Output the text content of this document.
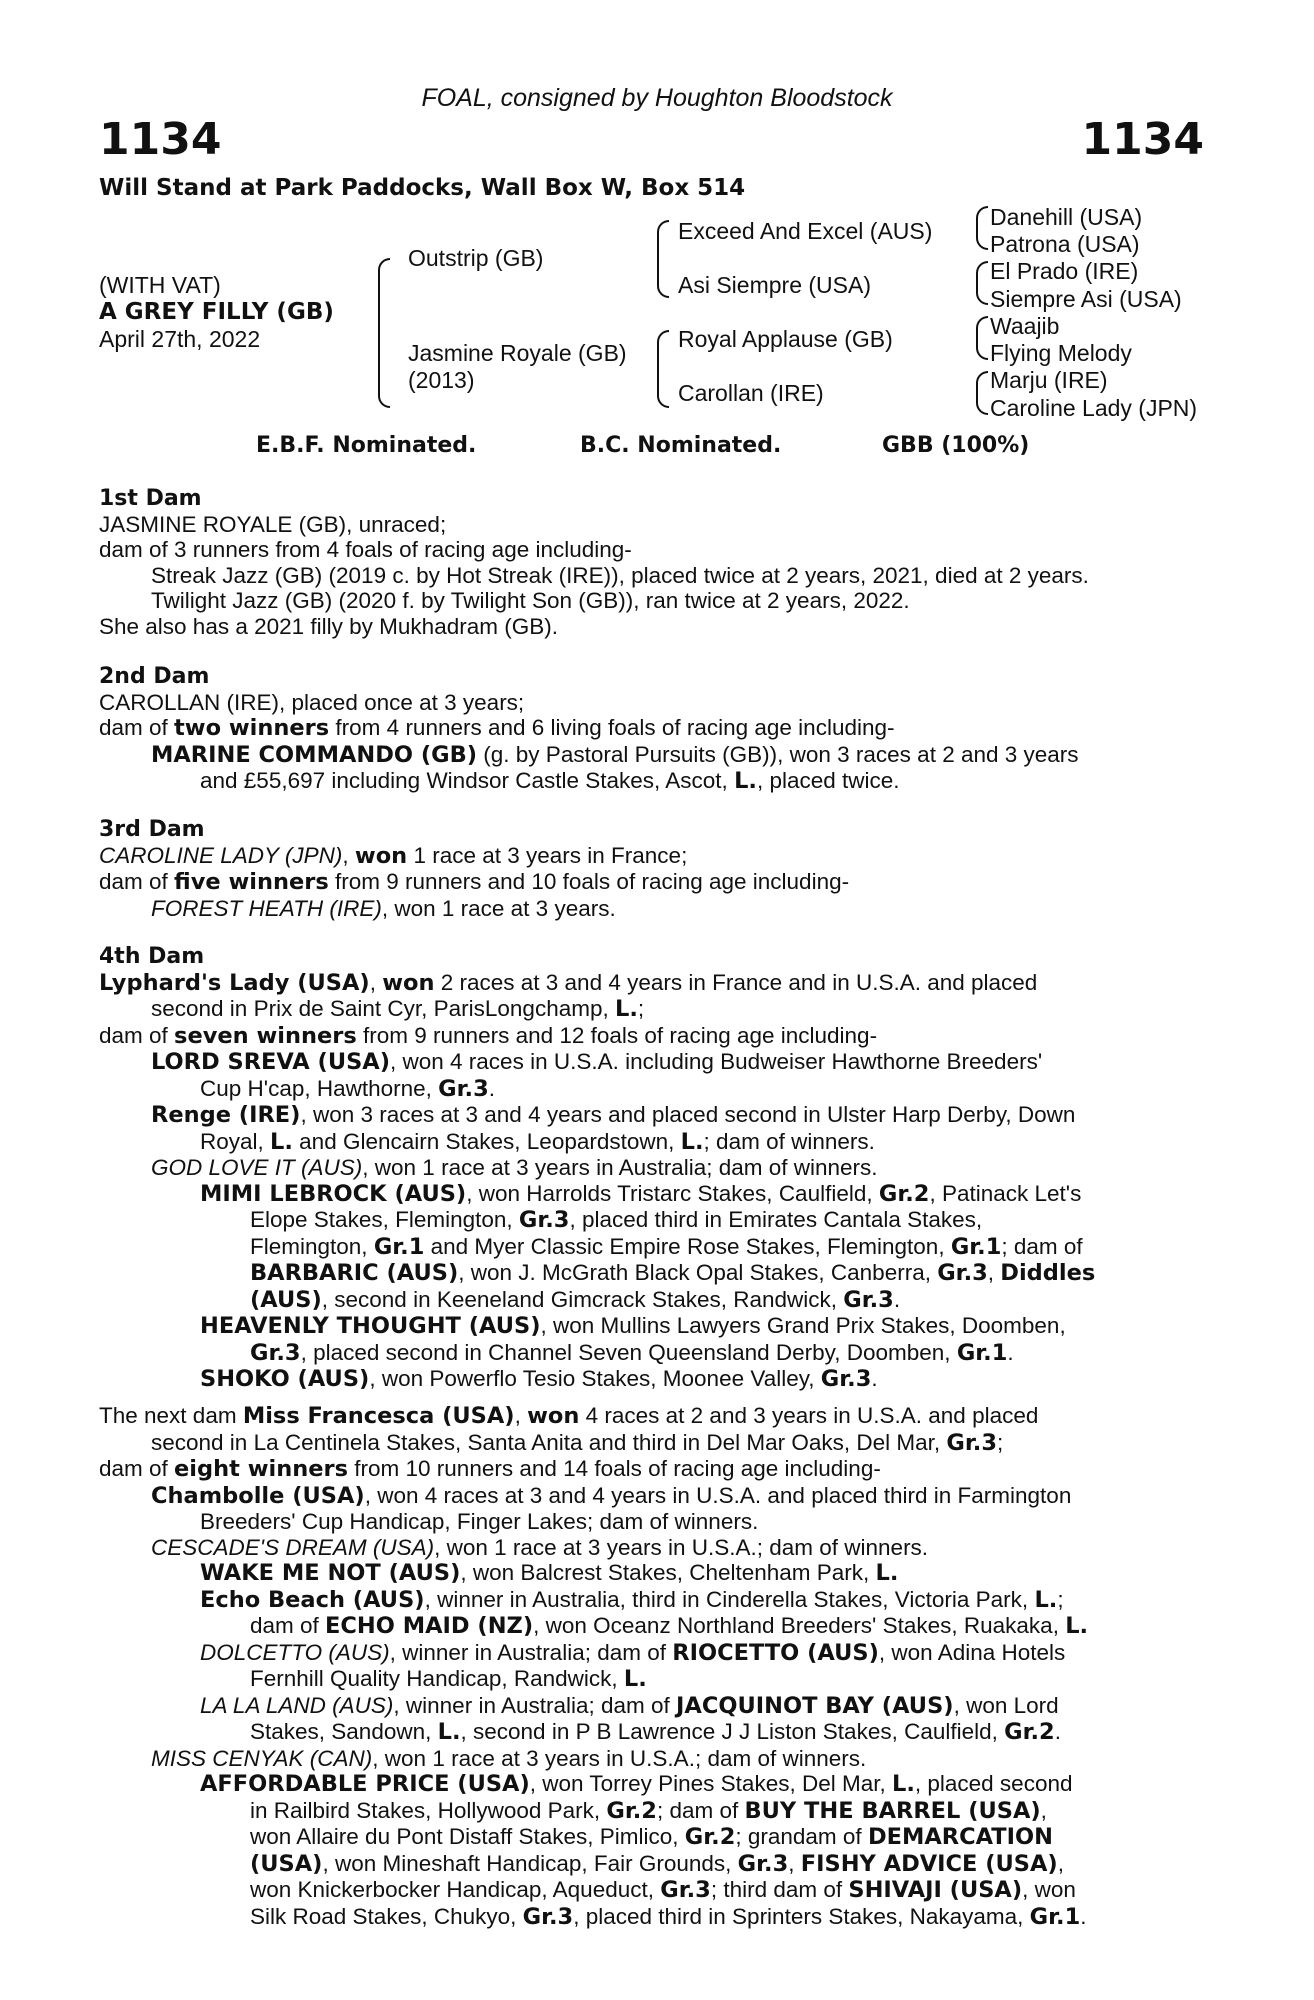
FOAL, consigned by Houghton Bloodstock
1134	1134
Will Stand at Park Paddocks, Wall Box W, Box 514
(WITH VAT)
A GREY FILLY (GB)
April 27th, 2022
Outstrip (GB)
Jasmine Royale (GB)
(2013)
Exceed And Excel (AUS)
Asi Siempre (USA)
Royal Applause (GB)
Carollan (IRE)
Danehill (USA)
Patrona (USA)
El Prado (IRE)
Siempre Asi (USA)
Waajib
Flying Melody
Marju (IRE)
Caroline Lady (JPN)
E.B.F. Nominated.	B.C. Nominated.	GBB (100%)
1st Dam
JASMINE ROYALE (GB), unraced;
dam of 3 runners from 4 foals of racing age including-
Streak Jazz (GB) (2019 c. by Hot Streak (IRE)), placed twice at 2 years, 2021, died at 2 years.
Twilight Jazz (GB) (2020 f. by Twilight Son (GB)), ran twice at 2 years, 2022.
She also has a 2021 filly by Mukhadram (GB).
2nd Dam
CAROLLAN (IRE), placed once at 3 years;
dam of two winners from 4 runners and 6 living foals of racing age including-
MARINE COMMANDO (GB) (g. by Pastoral Pursuits (GB)), won 3 races at 2 and 3 years
and £55,697 including Windsor Castle Stakes, Ascot, L., placed twice.
3rd Dam
CAROLINE LADY (JPN), won 1 race at 3 years in France;
dam of five winners from 9 runners and 10 foals of racing age including-
FOREST HEATH (IRE), won 1 race at 3 years.
4th Dam
Lyphard's Lady (USA), won 2 races at 3 and 4 years in France and in U.S.A. and placed
second in Prix de Saint Cyr, ParisLongchamp, L.;
dam of seven winners from 9 runners and 12 foals of racing age including-
LORD SREVA (USA), won 4 races in U.S.A. including Budweiser Hawthorne Breeders'
Cup H'cap, Hawthorne, Gr.3.
Renge (IRE), won 3 races at 3 and 4 years and placed second in Ulster Harp Derby, Down
Royal, L. and Glencairn Stakes, Leopardstown, L.; dam of winners.
GOD LOVE IT (AUS), won 1 race at 3 years in Australia; dam of winners.
MIMI LEBROCK (AUS), won Harrolds Tristarc Stakes, Caulfield, Gr.2, Patinack Let's
Elope Stakes, Flemington, Gr.3, placed third in Emirates Cantala Stakes,
Flemington, Gr.1 and Myer Classic Empire Rose Stakes, Flemington, Gr.1; dam of
BARBARIC (AUS), won J. McGrath Black Opal Stakes, Canberra, Gr.3, Diddles
(AUS), second in Keeneland Gimcrack Stakes, Randwick, Gr.3.
HEAVENLY THOUGHT (AUS), won Mullins Lawyers Grand Prix Stakes, Doomben,
Gr.3, placed second in Channel Seven Queensland Derby, Doomben, Gr.1.
SHOKO (AUS), won Powerflo Tesio Stakes, Moonee Valley, Gr.3.
The next dam Miss Francesca (USA), won 4 races at 2 and 3 years in U.S.A. and placed
second in La Centinela Stakes, Santa Anita and third in Del Mar Oaks, Del Mar, Gr.3;
dam of eight winners from 10 runners and 14 foals of racing age including-
Chambolle (USA), won 4 races at 3 and 4 years in U.S.A. and placed third in Farmington
Breeders' Cup Handicap, Finger Lakes; dam of winners.
CESCADE'S DREAM (USA), won 1 race at 3 years in U.S.A.; dam of winners.
WAKE ME NOT (AUS), won Balcrest Stakes, Cheltenham Park, L.
Echo Beach (AUS), winner in Australia, third in Cinderella Stakes, Victoria Park, L.;
dam of ECHO MAID (NZ), won Oceanz Northland Breeders' Stakes, Ruakaka, L.
DOLCETTO (AUS), winner in Australia; dam of RIOCETTO (AUS), won Adina Hotels
Fernhill Quality Handicap, Randwick, L.
LA LA LAND (AUS), winner in Australia; dam of JACQUINOT BAY (AUS), won Lord
Stakes, Sandown, L., second in P B Lawrence J J Liston Stakes, Caulfield, Gr.2.
MISS CENYAK (CAN), won 1 race at 3 years in U.S.A.; dam of winners.
AFFORDABLE PRICE (USA), won Torrey Pines Stakes, Del Mar, L., placed second
in Railbird Stakes, Hollywood Park, Gr.2; dam of BUY THE BARREL (USA),
won Allaire du Pont Distaff Stakes, Pimlico, Gr.2; grandam of DEMARCATION
(USA), won Mineshaft Handicap, Fair Grounds, Gr.3, FISHY ADVICE (USA),
won Knickerbocker Handicap, Aqueduct, Gr.3; third dam of SHIVAJI (USA), won
Silk Road Stakes, Chukyo, Gr.3, placed third in Sprinters Stakes, Nakayama, Gr.1.
